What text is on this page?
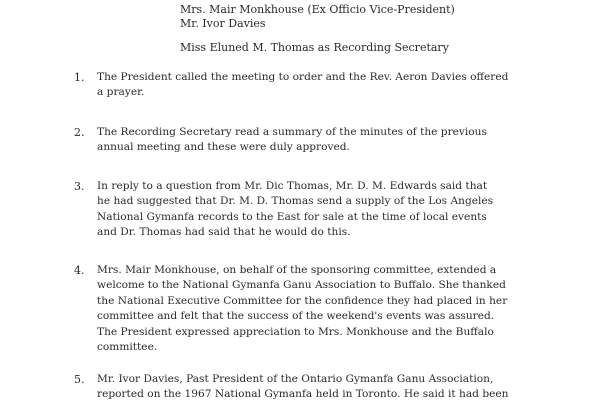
Mrs. Mair Monkhouse (Ex Officio Vice-President)
Mr. Ivor Davies
Miss Eluned M. Thomas as Recording Secretary
1. The President called the meeting to order and the Rev. Aeron Davies offered
a prayer.
2. The Recording Secretary read a summary of the minutes of the previous
annual meeting and these were duly approved.
3. In reply to a question from Mr. Dic Thomas, Mr. D. M. Edwards said that
he had suggested that Dr. M. D. Thomas send a supply of the Los Angeles
National Gymanfa records to the East for sale at the time of local events
and Dr. Thomas had said that he would do this.
4. Mrs. Mair Monkhouse, on behalf of the sponsoring committee, extended a
welcome to the National Gymanfa Ganu Association to Buffalo. She thanked
the National Executive Committee for the confidence they had placed in her
committee and felt that the success of the weekend's events was assured.
The President expressed appreciation to Mrs. Monkhouse and the Buffalo
committee.
5. Mr. Ivor Davies, Past President of the Ontario Gymanfa Ganu Association,
reported on the 1967 National Gymanfa held in Toronto. He said it had been
